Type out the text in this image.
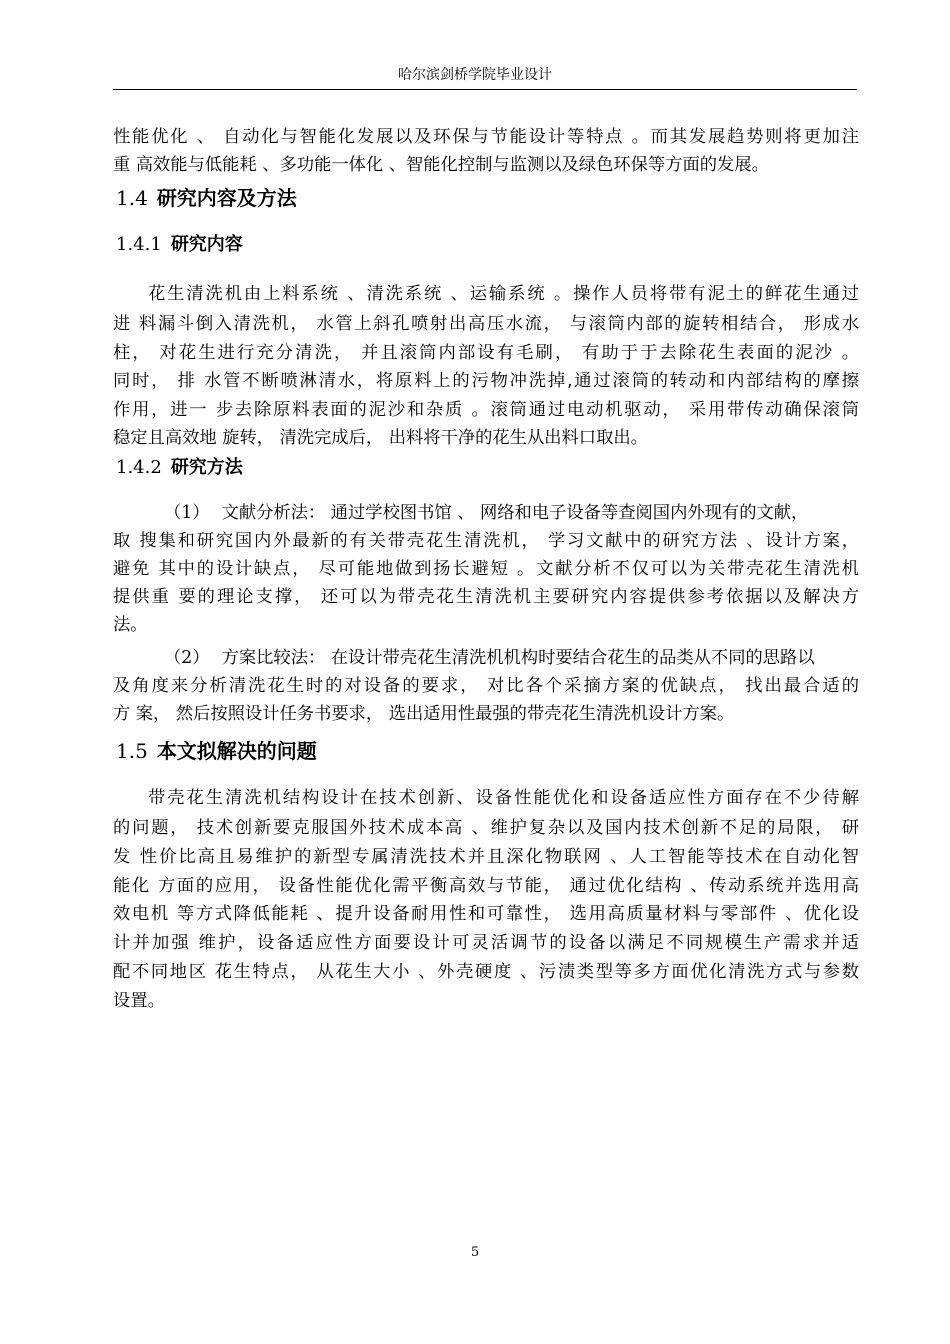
哈尔滨剑桥学院毕业设计
性能优化 、 自动化与智能化发展以及环保与节能设计等特点 。而其发展趋势则将更加注
重 高效能与低能耗 、多功能一体化 、智能化控制与监测以及绿色环保等方面的发展。
1.4 研究内容及方法
1.4.1 研究内容
花生清洗机由上料系统 、清洗系统 、运输系统 。操作人员将带有泥土的鲜花生通过
进 料漏斗倒入清洗机， 水管上斜孔喷射出高压水流， 与滚筒内部的旋转相结合， 形成水
柱， 对花生进行充分清洗， 并且滚筒内部设有毛刷， 有助于于去除花生表面的泥沙 。
同时， 排 水管不断喷淋清水，将原料上的污物冲洗掉,通过滚筒的转动和内部结构的摩擦
作用，进一 步去除原料表面的泥沙和杂质 。滚筒通过电动机驱动， 采用带传动确保滚筒
稳定且高效地 旋转， 清洗完成后， 出料将干净的花生从出料口取出。
1.4.2 研究方法
（1） 文献分析法： 通过学校图书馆 、 网络和电子设备等查阅国内外现有的文献，
取 搜集和研究国内外最新的有关带壳花生清洗机， 学习文献中的研究方法 、设计方案，
避免 其中的设计缺点， 尽可能地做到扬长避短 。文献分析不仅可以为关带壳花生清洗机
提供重 要的理论支撑， 还可以为带壳花生清洗机主要研究内容提供参考依据以及解决方
法。
（2） 方案比较法： 在设计带壳花生清洗机机构时要结合花生的品类从不同的思路以
及角度来分析清洗花生时的对设备的要求， 对比各个采摘方案的优缺点， 找出最合适的
方 案， 然后按照设计任务书要求， 选出适用性最强的带壳花生清洗机设计方案。
1.5 本文拟解决的问题
带壳花生清洗机结构设计在技术创新、设备性能优化和设备适应性方面存在不少待解
的问题， 技术创新要克服国外技术成本高 、维护复杂以及国内技术创新不足的局限， 研
发 性价比高且易维护的新型专属清洗技术并且深化物联网 、人工智能等技术在自动化智
能化 方面的应用， 设备性能优化需平衡高效与节能， 通过优化结构 、传动系统并选用高
效电机 等方式降低能耗 、提升设备耐用性和可靠性， 选用高质量材料与零部件 、优化设
计并加强 维护，设备适应性方面要设计可灵活调节的设备以满足不同规模生产需求并适
配不同地区 花生特点， 从花生大小 、外壳硬度 、污渍类型等多方面优化清洗方式与参数
设置。
5
